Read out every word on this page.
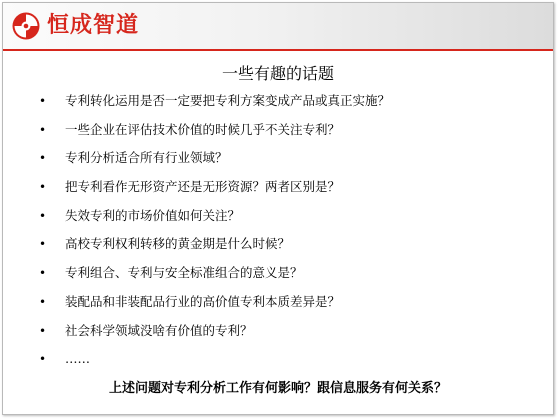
恒成智道
一些有趣的话题
• 专利转化运用是否一定要把专利方案变成产品或真正实施？
• 一些企业在评估技术价值的时候几乎不关注专利？
• 专利分析适合所有行业领域？
• 把专利看作无形资产还是无形资源？两者区别是？
• 失效专利的市场价值如何关注？
• 高校专利权利转移的黄金期是什么时候？
• 专利组合、专利与安全标准组合的意义是？
• 装配品和非装配品行业的高价值专利本质差异是？
• 社会科学领域没啥有价值的专利？
• ……
上述问题对专利分析工作有何影响？跟信息服务有何关系？
